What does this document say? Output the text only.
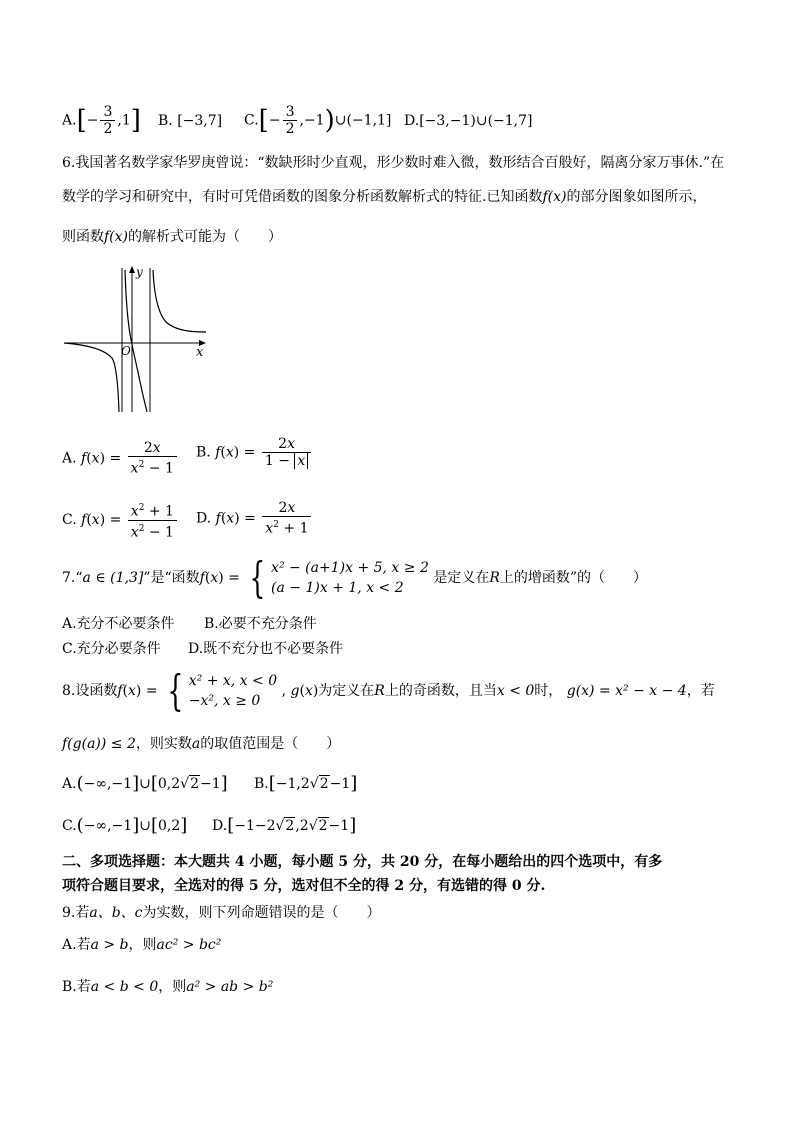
$A.[- \frac{3}{2} ,1]$ B. [−3,7] $C.[- \frac{3}{2}$ ,−1)∪(−1,1] D.[−3,−1)∪(−1,7]
6.我国著名数学家华罗庚曾说：“数缺形时少直观，形少数时难入微，数形结合百般好，隔离分家万事休.”在
数学的学习和研究中，有时可凭借函数的图象分析函数解析式的特征.已知函数f(x)的部分图象如图所示，
则函数f(x)的解析式可能为（　　）
y
x
O
A. $f(x) = \frac{2x}{x^2 - 1} B$. $f(x) = \frac{2x}{1 - x}$
C. $f(x) = \frac{x^2 + 1}{x^2 - 1} D$. $f(x) = \frac{2x}{x^2 + 1}$
7.“a ∈ (1,3]”是“函数f(x) = { x² − (a+1)x + 5, x ≥ 2
(a − 1)x + 1, x < 2
是定义在R上的增函数”的（　　）
A.充分不必要条件 B.必要不充分条件
C.充分必要条件 D.既不充分也不必要条件
8.设函数f(x) = { x² + x, x < 0
−x², x ≥ 0
, g(x)为定义在R上的奇函数，且当x < 0时， g(x) = x² − x − 4，若
f(g(a)) ≤ 2，则实数a的取值范围是（　　）
A.(−∞,−1]∪[0,2√2−1] B.[−1,2√2−1]
C.(−∞,−1]∪[0,2] D.[−1−2√2,2√2−1]
二、多项选择题：本大题共 4 小题，每小题 5 分，共 20 分，在每小题给出的四个选项中，有多
项符合题目要求，全选对的得 5 分，选对但不全的得 2 分，有选错的得 0 分.
9.若a、b、c为实数，则下列命题错误的是（　　）
A.若a > b，则ac² > bc²
B.若a < b < 0，则a² > ab > b²
